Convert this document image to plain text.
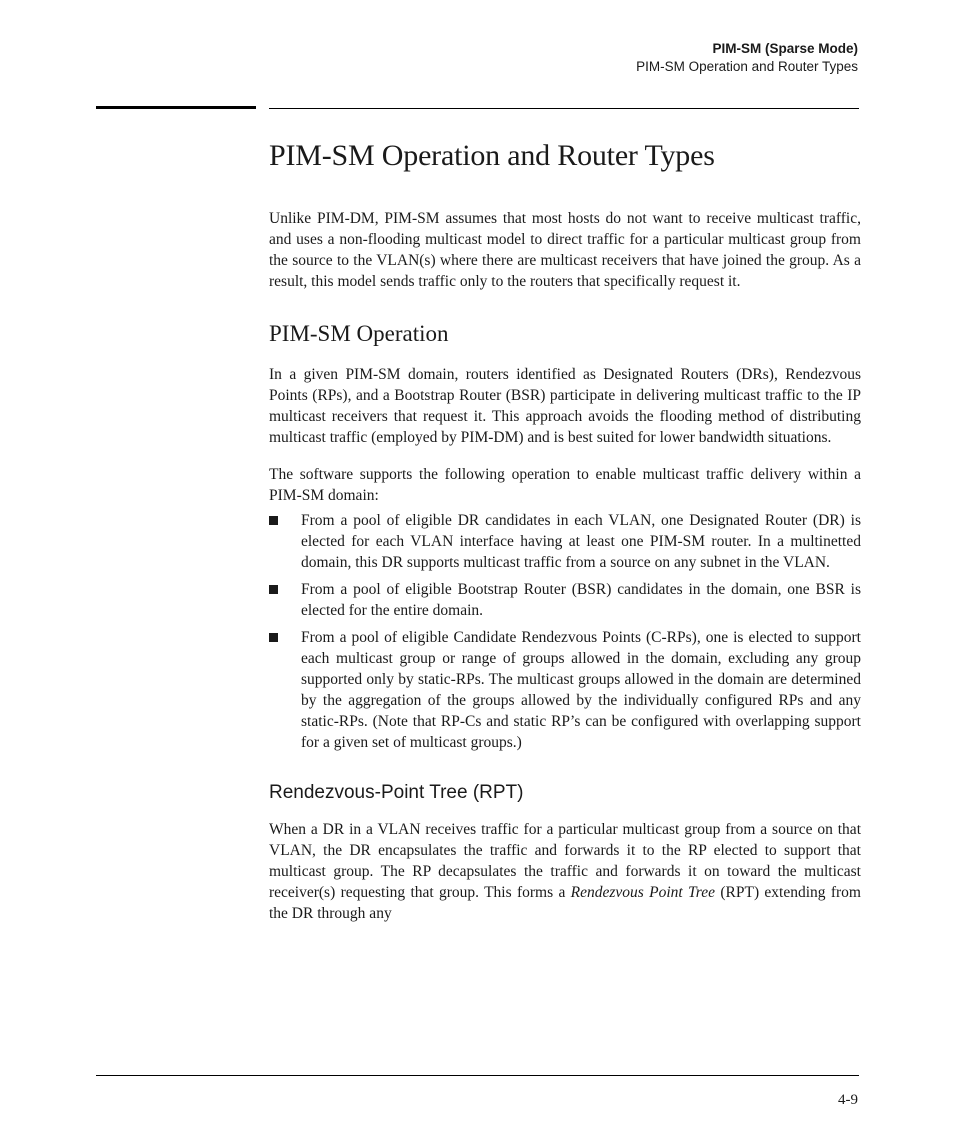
PIM-SM (Sparse Mode)
PIM-SM Operation and Router Types
PIM-SM Operation and Router Types

Unlike PIM-DM, PIM-SM assumes that most hosts do not want to receive multicast traffic, and uses a non-flooding multicast model to direct traffic for a particular multicast group from the source to the VLAN(s) where there are multicast receivers that have joined the group. As a result, this model sends traffic only to the routers that specifically request it.

PIM-SM Operation

In a given PIM-SM domain, routers identified as Designated Routers (DRs), Rendezvous Points (RPs), and a Bootstrap Router (BSR) participate in delivering multicast traffic to the IP multicast receivers that request it. This approach avoids the flooding method of distributing multicast traffic (employed by PIM-DM) and is best suited for lower bandwidth situations.

The software supports the following operation to enable multicast traffic delivery within a PIM-SM domain:

From a pool of eligible DR candidates in each VLAN, one Designated Router (DR) is elected for each VLAN interface having at least one PIM-SM router. In a multinetted domain, this DR supports multicast traffic from a source on any subnet in the VLAN.
From a pool of eligible Bootstrap Router (BSR) candidates in the domain, one BSR is elected for the entire domain.
From a pool of eligible Candidate Rendezvous Points (C-RPs), one is elected to support each multicast group or range of groups allowed in the domain, excluding any group supported only by static-RPs. The multicast groups allowed in the domain are determined by the aggregation of the groups allowed by the individually configured RPs and any static-RPs. (Note that RP-Cs and static RP’s can be configured with overlapping support for a given set of multicast groups.)
Rendezvous-Point Tree (RPT)

When a DR in a VLAN receives traffic for a particular multicast group from a source on that VLAN, the DR encapsulates the traffic and forwards it to the RP elected to support that multicast group. The RP decapsulates the traffic and forwards it on toward the multicast receiver(s) requesting that group. This forms a Rendezvous Point Tree (RPT) extending from the DR through any

4-9
